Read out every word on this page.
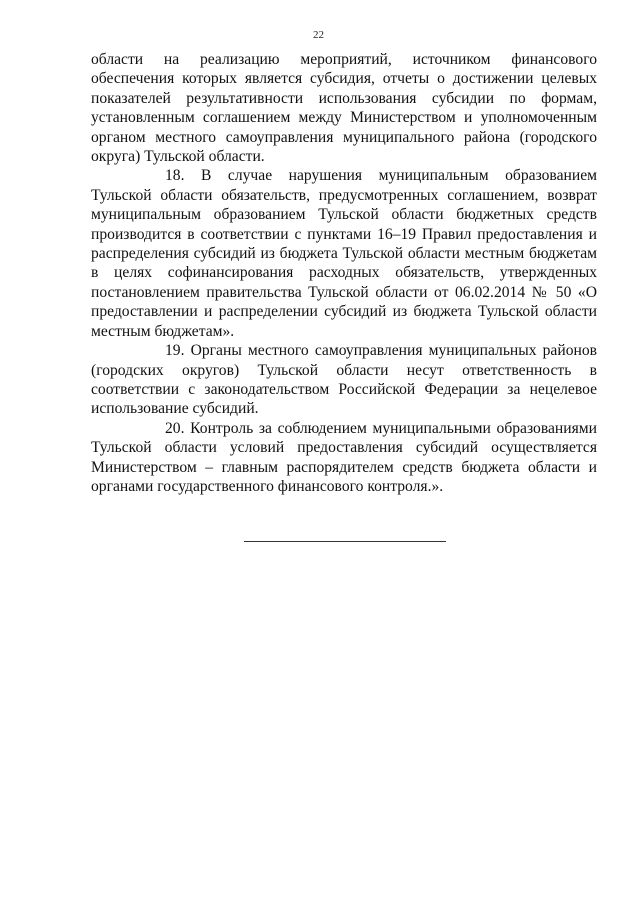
22

области на реализацию мероприятий, источником финансового обеспечения которых является субсидия, отчеты о достижении целевых показателей результативности использования субсидии по формам, установленным соглашением между Министерством и уполномоченным органом местного самоуправления муниципального района (городского округа) Тульской области.

18. В случае нарушения муниципальным образованием Тульской области обязательств, предусмотренных соглашением, возврат муниципальным образованием Тульской области бюджетных средств производится в соответствии с пунктами 16–19 Правил предоставления и распределения субсидий из бюджета Тульской области местным бюджетам в целях софинансирования расходных обязательств, утвержденных постановлением правительства Тульской области от 06.02.2014 № 50 «О предоставлении и распределении субсидий из бюджета Тульской области местным бюджетам».

19. Органы местного самоуправления муниципальных районов (городских округов) Тульской области несут ответственность в соответствии с законодательством Российской Федерации за нецелевое использование субсидий.

20. Контроль за соблюдением муниципальными образованиями Тульской области условий предоставления субсидий осуществляется Министерством – главным распорядителем средств бюджета области и органами государственного финансового контроля.».
